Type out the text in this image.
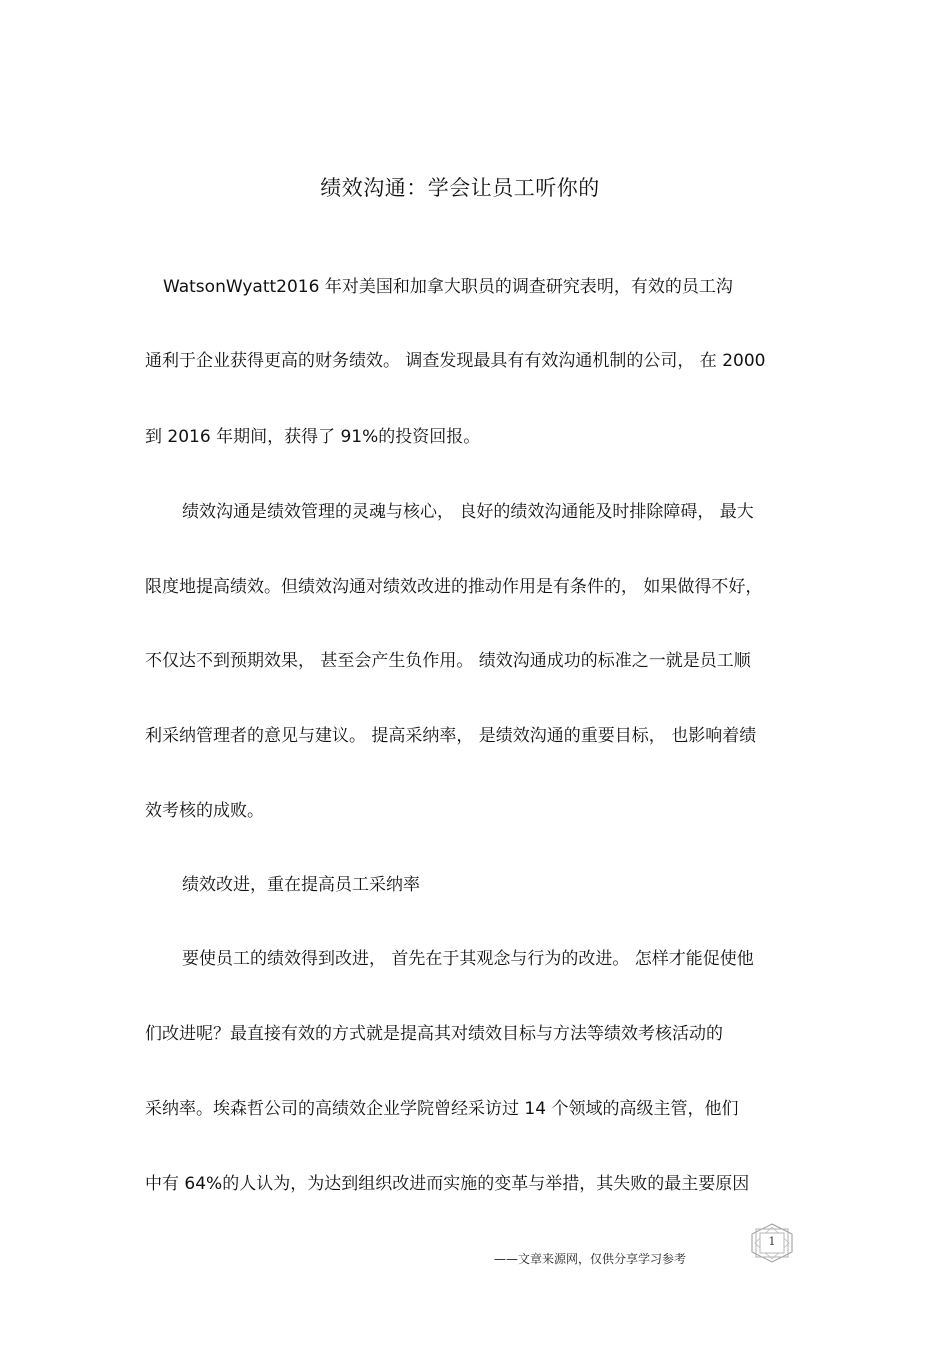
绩效沟通：学会让员工听你的
WatsonWyatt2016 年对美国和加拿大职员的调查研究表明，有效的员工沟
通利于企业获得更高的财务绩效。 调查发现最具有有效沟通机制的公司， 在 2000
到 2016 年期间，获得了 91%的投资回报。
绩效沟通是绩效管理的灵魂与核心， 良好的绩效沟通能及时排除障碍， 最大
限度地提高绩效。但绩效沟通对绩效改进的推动作用是有条件的， 如果做得不好，
不仅达不到预期效果， 甚至会产生负作用。 绩效沟通成功的标准之一就是员工顺
利采纳管理者的意见与建议。 提高采纳率， 是绩效沟通的重要目标， 也影响着绩
效考核的成败。
绩效改进，重在提高员工采纳率
要使员工的绩效得到改进， 首先在于其观念与行为的改进。 怎样才能促使他
们改进呢？最直接有效的方式就是提高其对绩效目标与方法等绩效考核活动的
采纳率。埃森哲公司的高绩效企业学院曾经采访过 14 个领域的高级主管，他们
中有 64%的人认为，为达到组织改进而实施的变革与举措，其失败的最主要原因
——文章来源网，仅供分享学习参考
1
